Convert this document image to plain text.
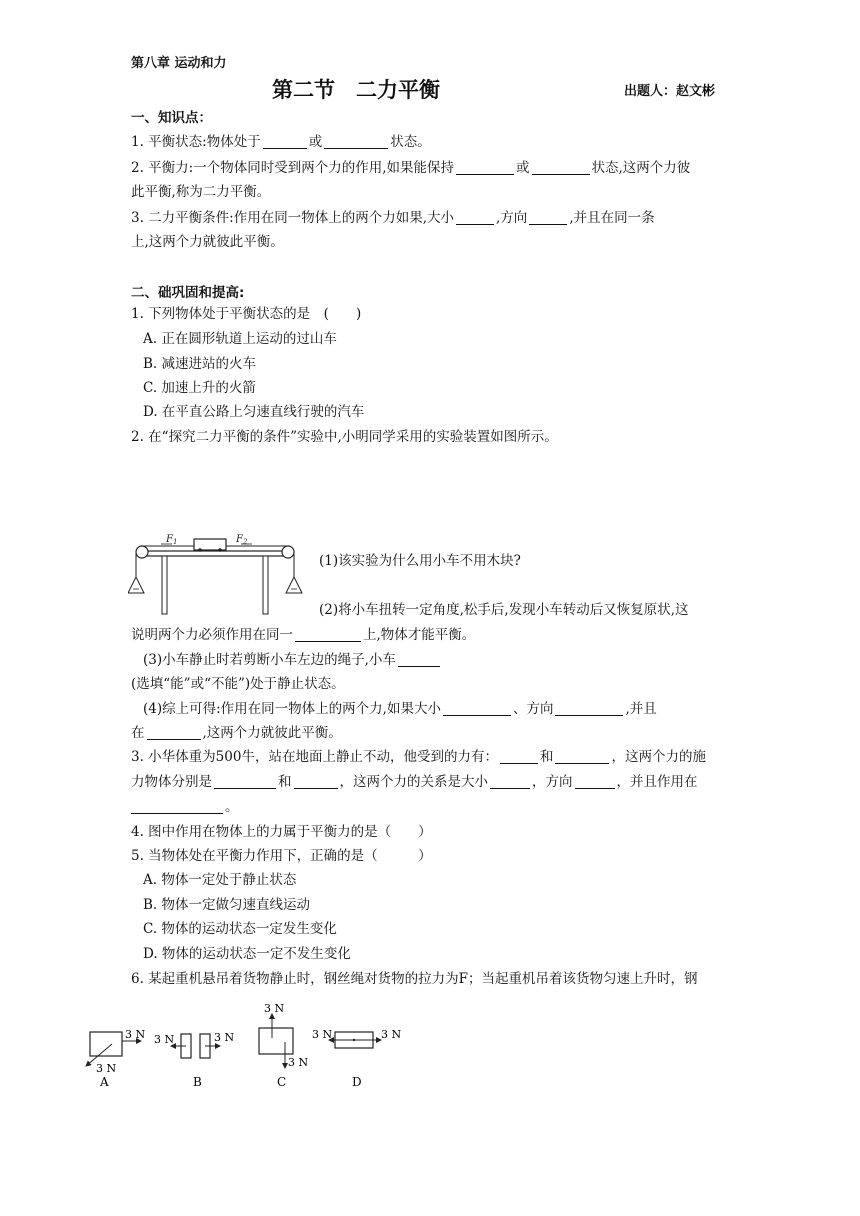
第八章 运动和力
第二节　二力平衡	出题人：赵文彬
一、知识点：
1. 平衡状态:物体处于	或	状态。
2. 平衡力:一个物体同时受到两个力的作用,如果能保持	或	状态,这两个力彼
此平衡,称为二力平衡。
3. 二力平衡条件:作用在同一物体上的两个力如果,大小	,方向	,并且在同一条
上,这两个力就彼此平衡。
二、础巩固和提高:
1. 下列物体处于平衡状态的是　(　　)
A. 正在圆形轨道上运动的过山车
B. 减速进站的火车
C. 加速上升的火箭
D. 在平直公路上匀速直线行驶的汽车
2. 在“探究二力平衡的条件”实验中,小明同学采用的实验装置如图所示。
$F_1$	$F_2$
(1)该实验为什么用小车不用木块?
(2)将小车扭转一定角度,松手后,发现小车转动后又恢复原状,这
说明两个力必须作用在同一	上,物体才能平衡。
(3)小车静止时若剪断小车左边的绳子,小车
(选填“能”或“不能”)处于静止状态。
(4)综上可得:作用在同一物体上的两个力,如果大小	、方向	,并且
在	,这两个力就彼此平衡。
3. 小华体重为500牛，站在地面上静止不动，他受到的力有：	和	，这两个力的施
力物体分别是	和	，这两个力的关系是大小	，方向	，并且作用在
。
4. 图中作用在物体上的力属于平衡力的是（　　）
5. 当物体处在平衡力作用下，正确的是（　　　）
A. 物体一定处于静止状态
B. 物体一定做匀速直线运动
C. 物体的运动状态一定发生变化
D. 物体的运动状态一定不发生变化
6. 某起重机悬吊着货物静止时，钢丝绳对货物的拉力为F；当起重机吊着该货物匀速上升时，钢
3 N
3 N
A
3 N	3 N
B
3 N
3 N
C
3 N	3 N
D
